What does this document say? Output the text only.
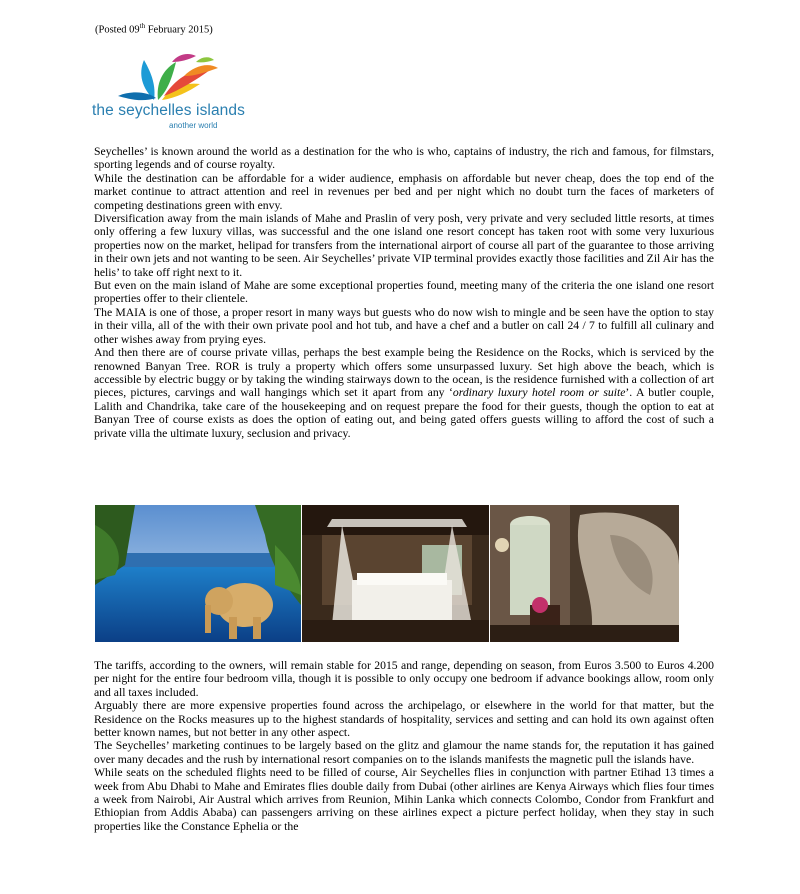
(Posted 09th February 2015)
the seychelles islands
another world

Seychelles’ is known around the world as a destination for the who is who, captains of industry, the rich and famous, for filmstars, sporting legends and of course royalty.

While the destination can be affordable for a wider audience, emphasis on affordable but never cheap, does the top end of the market continue to attract attention and reel in revenues per bed and per night which no doubt turn the faces of marketers of competing destinations green with envy.

Diversification away from the main islands of Mahe and Praslin of very posh, very private and very secluded little resorts, at times only offering a few luxury villas, was successful and the one island one resort concept has taken root with some very luxurious properties now on the market, helipad for transfers from the international airport of course all part of the guarantee to those arriving in their own jets and not wanting to be seen. Air Seychelles’ private VIP terminal provides exactly those facilities and Zil Air has the helis’ to take off right next to it.

But even on the main island of Mahe are some exceptional properties found, meeting many of the criteria the one island one resort properties offer to their clientele.

The MAIA is one of those, a proper resort in many ways but guests who do now wish to mingle and be seen have the option to stay in their villa, all of the with their own private pool and hot tub, and have a chef and a butler on call 24 / 7 to fulfill all culinary and other wishes away from prying eyes.

And then there are of course private villas, perhaps the best example being the Residence on the Rocks, which is serviced by the renowned Banyan Tree. ROR is truly a property which offers some unsurpassed luxury. Set high above the beach, which is accessible by electric buggy or by taking the winding stairways down to the ocean, is the residence furnished with a collection of art pieces, pictures, carvings and wall hangings which set it apart from any ‘ordinary luxury hotel room or suite’. A butler couple, Lalith and Chandrika, take care of the housekeeping and on request prepare the food for their guests, though the option to eat at Banyan Tree of course exists as does the option of eating out, and being gated offers guests willing to afford the cost of such a private villa the ultimate luxury, seclusion and privacy.

The tariffs, according to the owners, will remain stable for 2015 and range, depending on season, from Euros 3.500 to Euros 4.200 per night for the entire four bedroom villa, though it is possible to only occupy one bedroom if advance bookings allow, room only and all taxes included.

Arguably there are more expensive properties found across the archipelago, or elsewhere in the world for that matter, but the Residence on the Rocks measures up to the highest standards of hospitality, services and setting and can hold its own against often better known names, but not better in any other aspect.

The Seychelles’ marketing continues to be largely based on the glitz and glamour the name stands for, the reputation it has gained over many decades and the rush by international resort companies on to the islands manifests the magnetic pull the islands have.

While seats on the scheduled flights need to be filled of course, Air Seychelles flies in conjunction with partner Etihad 13 times a week from Abu Dhabi to Mahe and Emirates flies double daily from Dubai (other airlines are Kenya Airways which flies four times a week from Nairobi, Air Austral which arrives from Reunion, Mihin Lanka which connects Colombo, Condor from Frankfurt and Ethiopian from Addis Ababa) can passengers arriving on these airlines expect a picture perfect holiday, when they stay in such properties like the Constance Ephelia or the
